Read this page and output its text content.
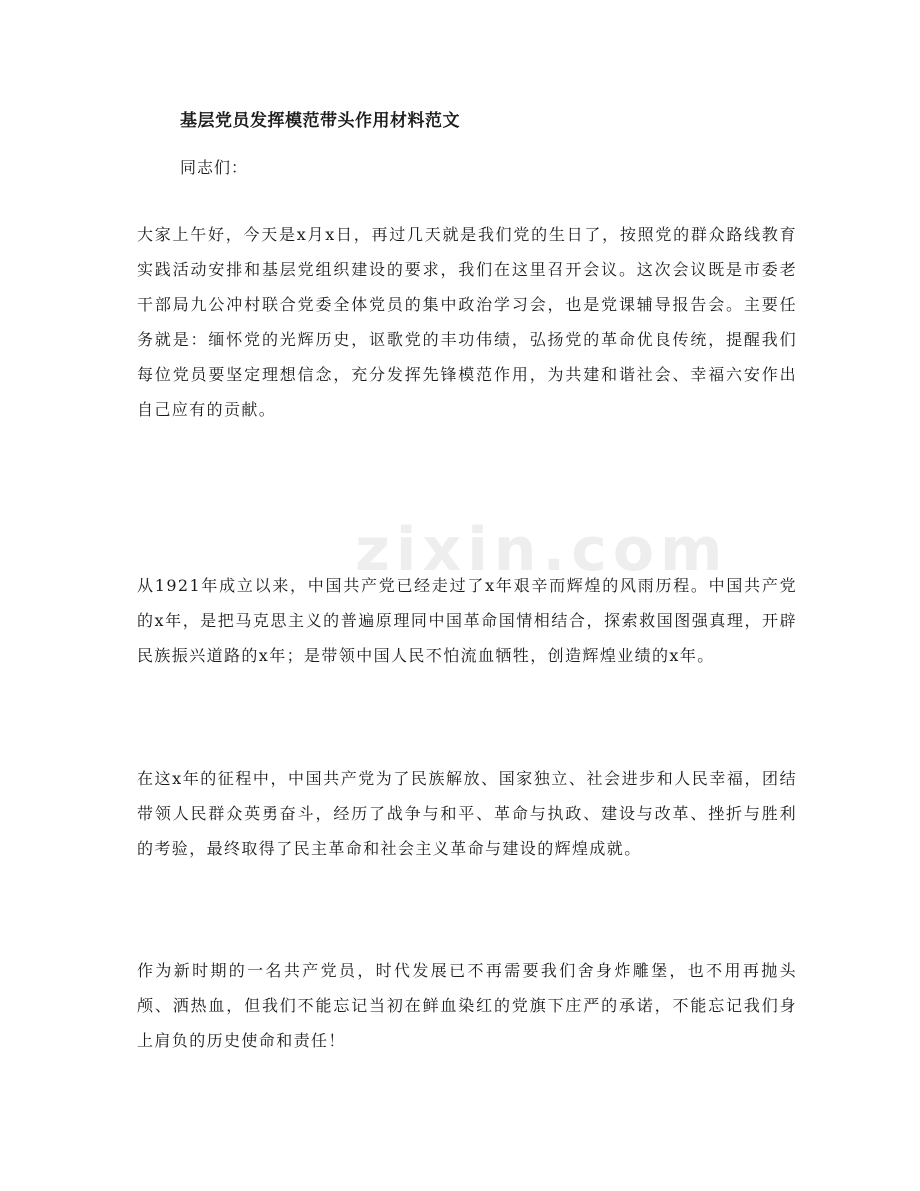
zixin.com
基层党员发挥模范带头作用材料范文
同志们：

大家上午好，今天是x月x日，再过几天就是我们党的生日了，按照党的群众路线教育实践活动安排和基层党组织建设的要求，我们在这里召开会议。这次会议既是市委老干部局九公冲村联合党委全体党员的集中政治学习会，也是党课辅导报告会。主要任务就是：缅怀党的光辉历史，讴歌党的丰功伟绩，弘扬党的革命优良传统，提醒我们每位党员要坚定理想信念，充分发挥先锋模范作用，为共建和谐社会、幸福六安作出自己应有的贡献。

从1921年成立以来，中国共产党已经走过了x年艰辛而辉煌的风雨历程。中国共产党的x年，是把马克思主义的普遍原理同中国革命国情相结合，探索救国图强真理，开辟民族振兴道路的x年；是带领中国人民不怕流血牺牲，创造辉煌业绩的x年。

在这x年的征程中，中国共产党为了民族解放、国家独立、社会进步和人民幸福，团结带领人民群众英勇奋斗，经历了战争与和平、革命与执政、建设与改革、挫折与胜利的考验，最终取得了民主革命和社会主义革命与建设的辉煌成就。

作为新时期的一名共产党员，时代发展已不再需要我们舍身炸雕堡，也不用再抛头颅、洒热血，但我们不能忘记当初在鲜血染红的党旗下庄严的承诺，不能忘记我们身上肩负的历史使命和责任！
